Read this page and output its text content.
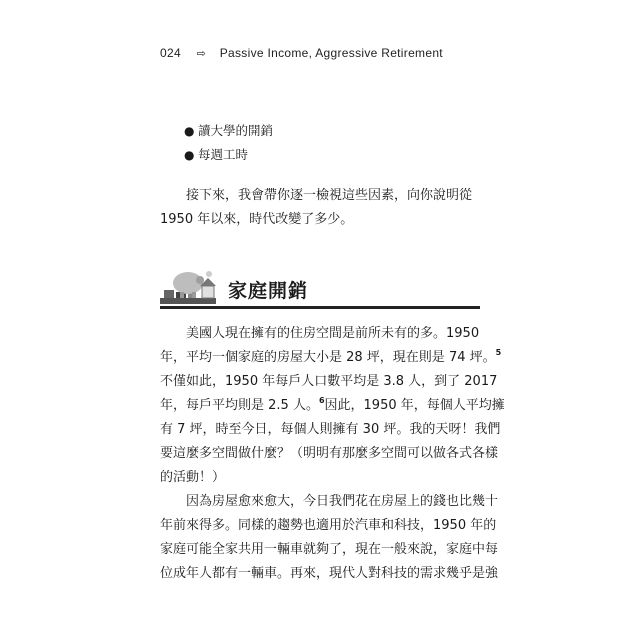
024 ⇨ Passive Income, Aggressive Retirement
● 讀大學的開銷
● 每週工時

接下來，我會帶你逐一檢視這些因素，向你說明從
1950 年以來，時代改變了多少。

家庭開銷

美國人現在擁有的住房空間是前所未有的多。1950
年，平均一個家庭的房屋大小是 28 坪，現在則是 74 坪。$^5$
不僅如此，1950 年每戶人口數平均是 3.8 人，到了 2017
年，每戶平均則是 2.5 人。$^6$因此，1950 年，每個人平均擁
有 7 坪，時至今日，每個人則擁有 30 坪。我的天呀！我們
要這麼多空間做什麼？（明明有那麼多空間可以做各式各樣
的活動！）

因為房屋愈來愈大，今日我們花在房屋上的錢也比幾十
年前來得多。同樣的趨勢也適用於汽車和科技，1950 年的
家庭可能全家共用一輛車就夠了，現在一般來說，家庭中每
位成年人都有一輛車。再來，現代人對科技的需求幾乎是強
